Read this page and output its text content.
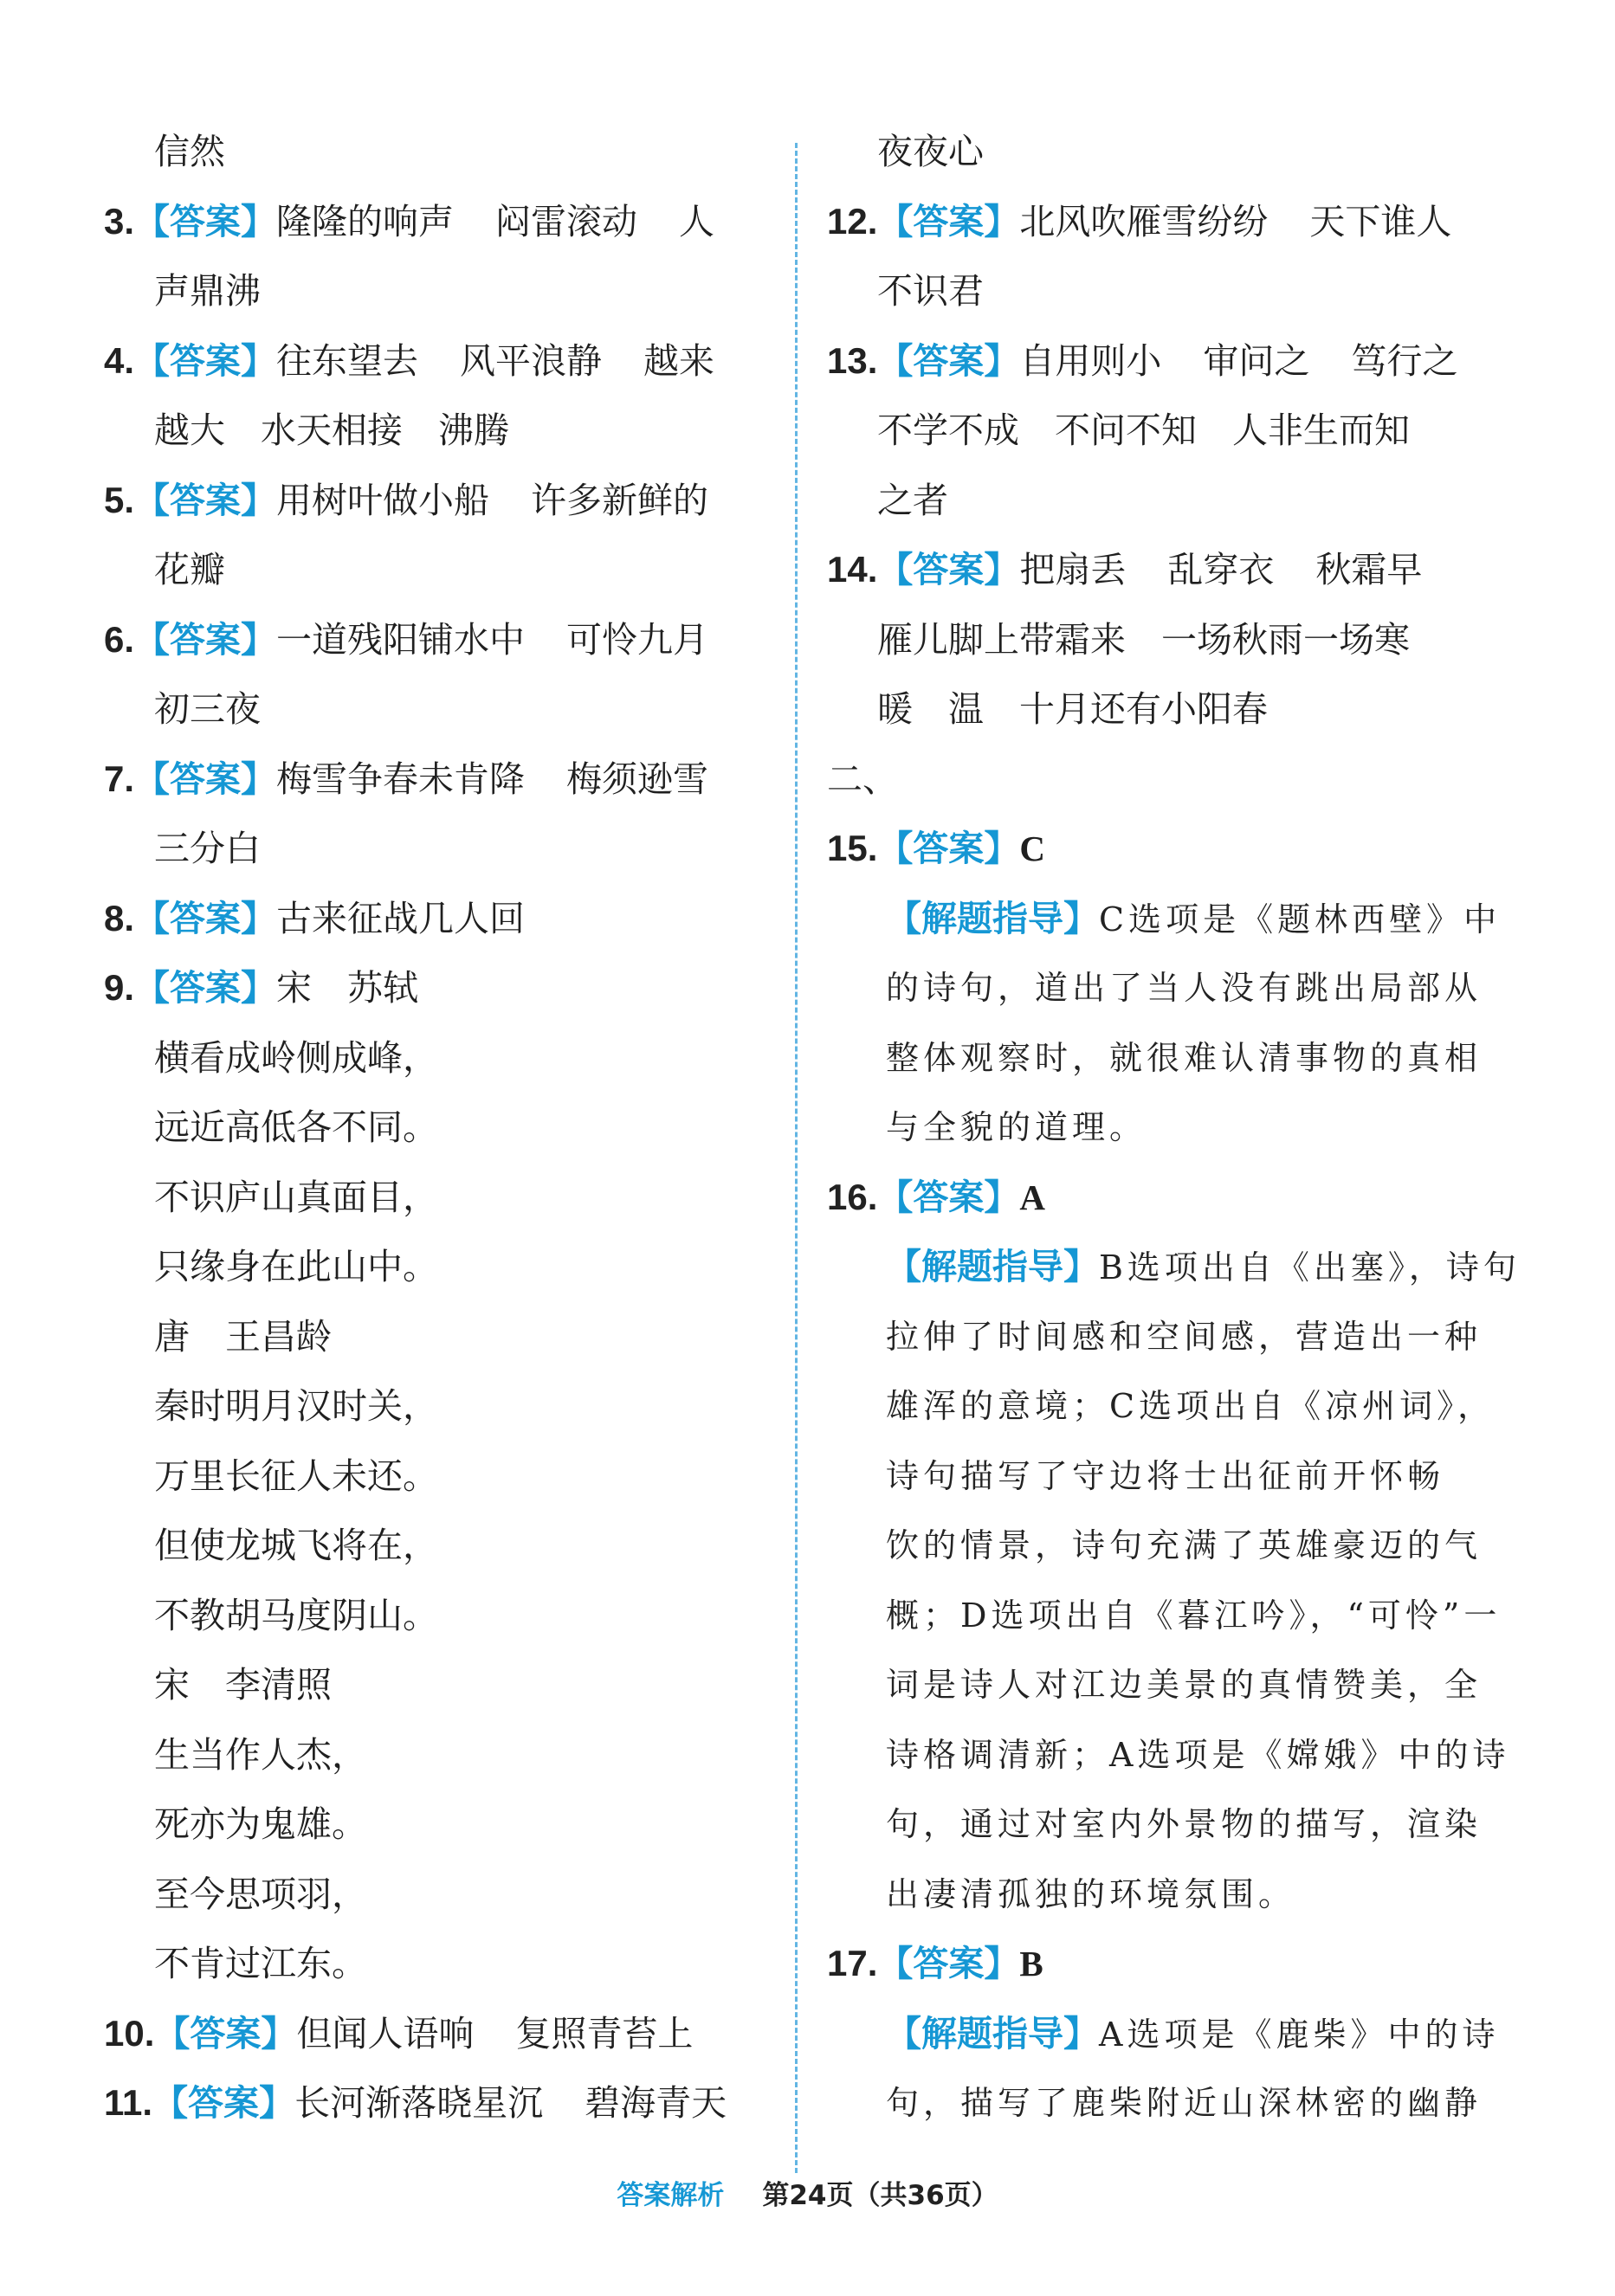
信然
3.【答案】隆隆的响声 闷雷滚动 人
声鼎沸
4.【答案】往东望去 风平浪静 越来
越大　水天相接　沸腾
5.【答案】用树叶做小船 许多新鲜的
花瓣
6.【答案】一道残阳铺水中 可怜九月
初三夜
7.【答案】梅雪争春未肯降 梅须逊雪
三分白
8.【答案】古来征战几人回
9.【答案】宋　苏轼
横看成岭侧成峰，
远近高低各不同。
不识庐山真面目，
只缘身在此山中。
唐　王昌龄
秦时明月汉时关，
万里长征人未还。
但使龙城飞将在，
不教胡马度阴山。
宋　李清照
生当作人杰，
死亦为鬼雄。
至今思项羽，
不肯过江东。
10.【答案】但闻人语响 复照青苔上
11.【答案】长河渐落晓星沉 碧海青天
夜夜心
12.【答案】北风吹雁雪纷纷 天下谁人
不识君
13.【答案】自用则小 审问之 笃行之
不学不成　不问不知　人非生而知
之者
14.【答案】把扇丢 乱穿衣 秋霜早
雁儿脚上带霜来　一场秋雨一场寒
暖　温　十月还有小阳春
二、
15.【答案】C
【解题指导】C选项是《题林西壁》中
的诗句，道出了当人没有跳出局部从
整体观察时，就很难认清事物的真相
与全貌的道理。
16.【答案】A
【解题指导】B选项出自《出塞》，诗句
拉伸了时间感和空间感，营造出一种
雄浑的意境；C选项出自《凉州词》，
诗句描写了守边将士出征前开怀畅
饮的情景，诗句充满了英雄豪迈的气
概；D选项出自《暮江吟》，“可怜”一
词是诗人对江边美景的真情赞美，全
诗格调清新；A选项是《嫦娥》中的诗
句，通过对室内外景物的描写，渲染
出凄清孤独的环境氛围。
17.【答案】B
【解题指导】A选项是《鹿柴》中的诗
句，描写了鹿柴附近山深林密的幽静
答案解析 第24页（共36页）
